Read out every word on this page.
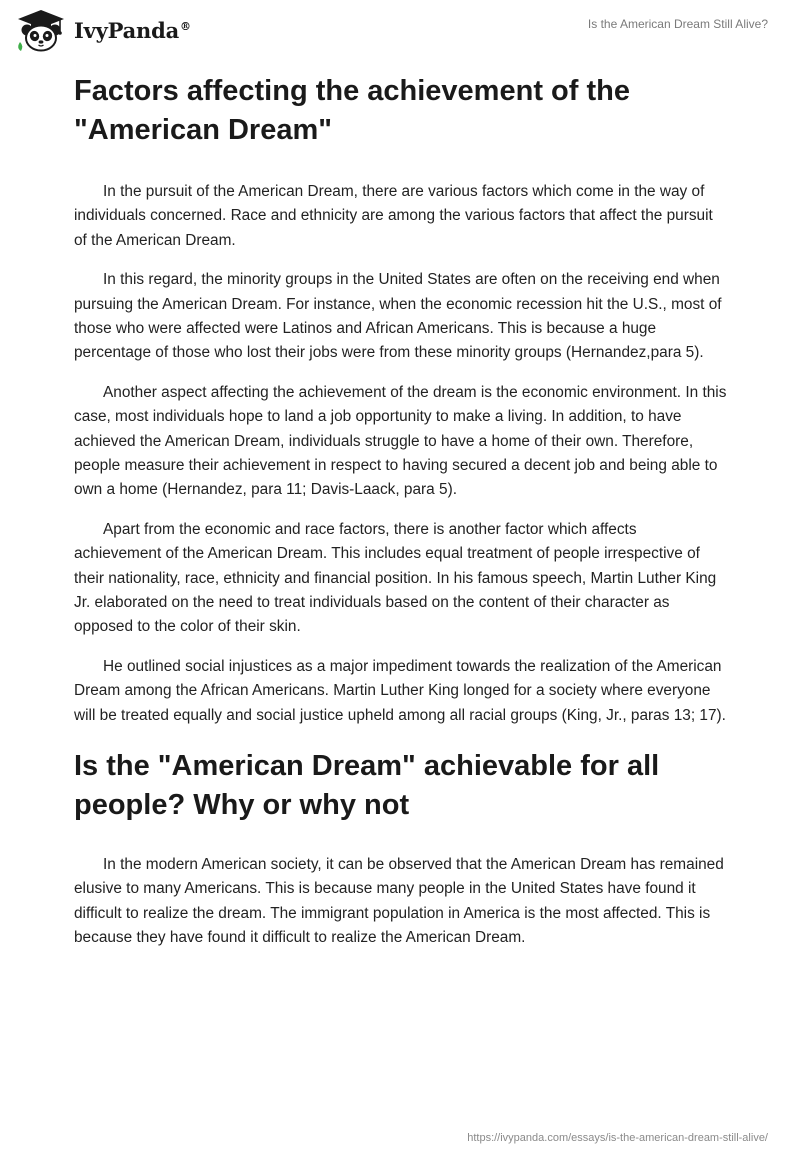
IvyPanda®	Is the American Dream Still Alive?
Factors affecting the achievement of the "American Dream"

In the pursuit of the American Dream, there are various factors which come in the way of individuals concerned. Race and ethnicity are among the various factors that affect the pursuit of the American Dream.

In this regard, the minority groups in the United States are often on the receiving end when pursuing the American Dream. For instance, when the economic recession hit the U.S., most of those who were affected were Latinos and African Americans. This is because a huge percentage of those who lost their jobs were from these minority groups (Hernandez,para 5).

Another aspect affecting the achievement of the dream is the economic environment. In this case, most individuals hope to land a job opportunity to make a living. In addition, to have achieved the American Dream, individuals struggle to have a home of their own. Therefore, people measure their achievement in respect to having secured a decent job and being able to own a home (Hernandez, para 11; Davis-Laack, para 5).

Apart from the economic and race factors, there is another factor which affects achievement of the American Dream. This includes equal treatment of people irrespective of their nationality, race, ethnicity and financial position. In his famous speech, Martin Luther King Jr. elaborated on the need to treat individuals based on the content of their character as opposed to the color of their skin.

He outlined social injustices as a major impediment towards the realization of the American Dream among the African Americans. Martin Luther King longed for a society where everyone will be treated equally and social justice upheld among all racial groups (King, Jr., paras 13; 17).

Is the "American Dream" achievable for all people? Why or why not

In the modern American society, it can be observed that the American Dream has remained elusive to many Americans. This is because many people in the United States have found it difficult to realize the dream. The immigrant population in America is the most affected. This is because they have found it difficult to realize the American Dream.

https://ivypanda.com/essays/is-the-american-dream-still-alive/
